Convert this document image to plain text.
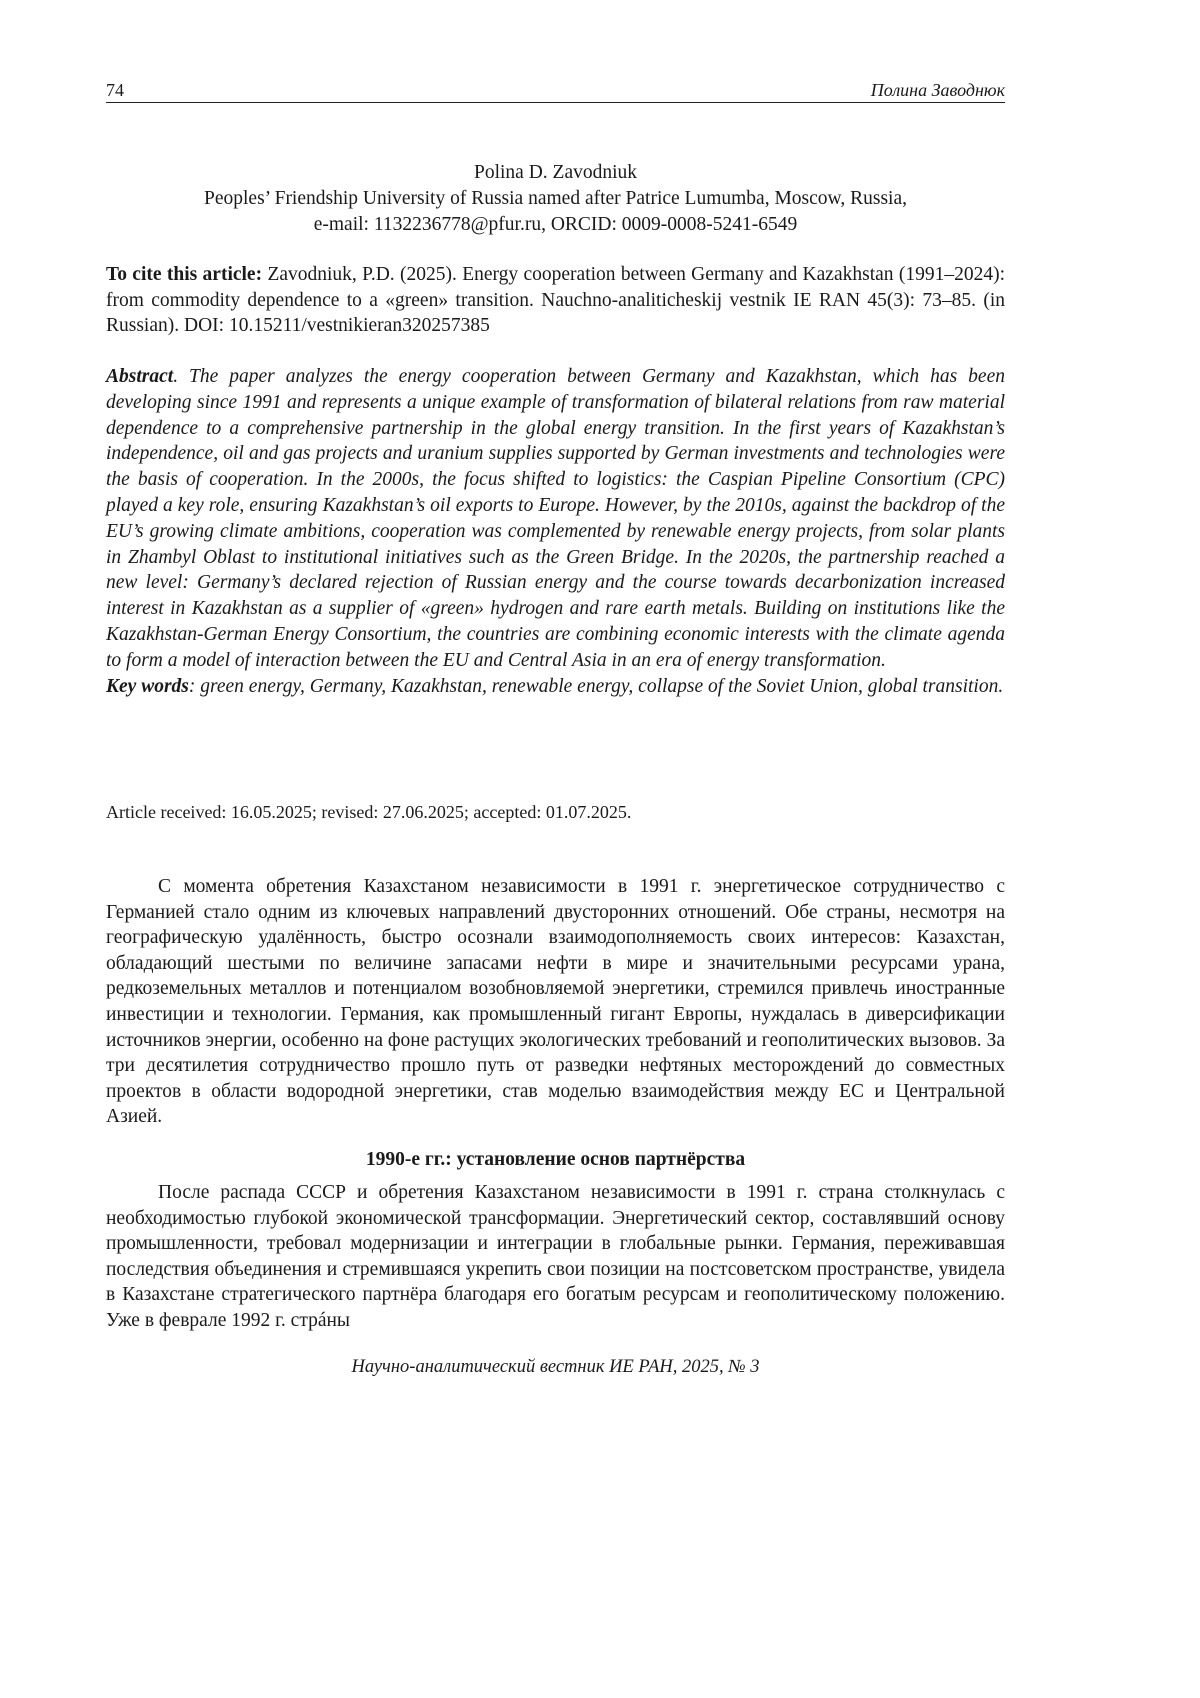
74	Полина Заводнюк

Polina D. Zavodniuk

Peoples’ Friendship University of Russia named after Patrice Lumumba, Moscow, Russia,

e-mail: 1132236778@pfur.ru, ORCID: 0009-0008-5241-6549

To cite this article: Zavodniuk, P.D. (2025). Energy cooperation between Germany and Kazakhstan (1991–2024): from commodity dependence to a «green» transition. Nauchno-analiticheskij vestnik IE RAN 45(3): 73–85. (in Russian). DOI: 10.15211/vestnikieran320257385

Abstract. The paper analyzes the energy cooperation between Germany and Kazakhstan, which has been developing since 1991 and represents a unique example of transformation of bilateral relations from raw material dependence to a comprehensive partnership in the global energy transition. In the first years of Kazakhstan’s independence, oil and gas projects and uranium supplies supported by German investments and technologies were the basis of cooperation. In the 2000s, the focus shifted to logistics: the Caspian Pipeline Consortium (CPC) played a key role, ensuring Kazakhstan’s oil exports to Europe. However, by the 2010s, against the backdrop of the EU’s growing climate ambitions, cooperation was complemented by renewable energy projects, from solar plants in Zhambyl Oblast to institutional initiatives such as the Green Bridge. In the 2020s, the partnership reached a new level: Germany’s declared rejection of Russian energy and the course towards decarbonization increased interest in Kazakhstan as a supplier of «green» hydrogen and rare earth metals. Building on institutions like the Kazakhstan-German Energy Consortium, the countries are combining economic interests with the climate agenda to form a model of interaction between the EU and Central Asia in an era of energy transformation.

Key words: green energy, Germany, Kazakhstan, renewable energy, collapse of the Soviet Union, global transition.

Article received: 16.05.2025; revised: 27.06.2025; accepted: 01.07.2025.
С момента обретения Казахстаном независимости в 1991 г. энергетическое сотрудничество с Германией стало одним из ключевых направлений двусторонних отношений. Обе страны, несмотря на географическую удалённость, быстро осознали взаимодополняемость своих интересов: Казахстан, обладающий шестыми по величине запасами нефти в мире и значительными ресурсами урана, редкоземельных металлов и потенциалом возобновляемой энергетики, стремился привлечь иностранные инвестиции и технологии. Германия, как промышленный гигант Европы, нуждалась в диверсификации источников энергии, особенно на фоне растущих экологических требований и геополитических вызовов. За три десятилетия сотрудничество прошло путь от разведки нефтяных месторождений до совместных проектов в области водородной энергетики, став моделью взаимодействия между ЕС и Центральной Азией.
1990-е гг.: установление основ партнёрства
После распада СССР и обретения Казахстаном независимости в 1991 г. страна столкнулась с необходимостью глубокой экономической трансформации. Энергетический сектор, составлявший основу промышленности, требовал модернизации и интеграции в глобальные рынки. Германия, переживавшая последствия объединения и стремившаяся укрепить свои позиции на постсоветском пространстве, увидела в Казахстане стратегического партнёра благодаря его богатым ресурсам и геополитическому положению. Уже в феврале 1992 г. стрáны
Научно-аналитический вестник ИЕ РАН, 2025, № 3
